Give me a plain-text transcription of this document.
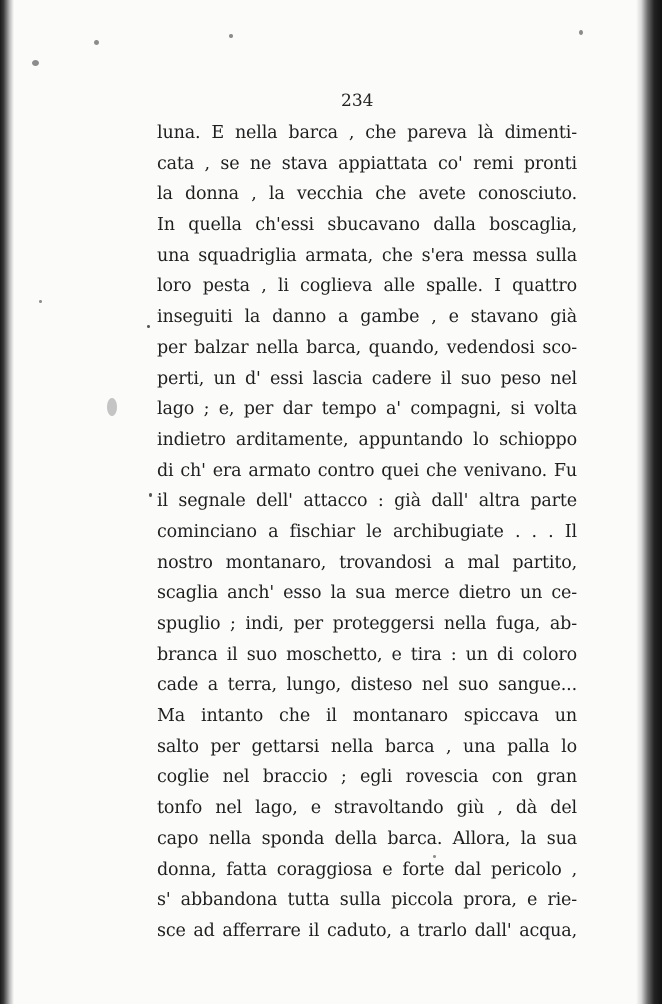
234
luna. E nella barca , che pareva là dimenti-
cata , se ne stava appiattata co' remi pronti
la donna , la vecchia che avete conosciuto.
In quella ch'essi sbucavano dalla boscaglia,
una squadriglia armata, che s'era messa sulla
loro pesta , li coglieva alle spalle. I quattro
inseguiti la danno a gambe , e stavano già
per balzar nella barca, quando, vedendosi sco-
perti, un d' essi lascia cadere il suo peso nel
lago ; e, per dar tempo a' compagni, si volta
indietro arditamente, appuntando lo schioppo
di ch' era armato contro quei che venivano. Fu
il segnale dell' attacco : già dall' altra parte
cominciano a fischiar le archibugiate . . . Il
nostro montanaro, trovandosi a mal partito,
scaglia anch' esso la sua merce dietro un ce-
spuglio ; indi, per proteggersi nella fuga, ab-
branca il suo moschetto, e tira : un di coloro
cade a terra, lungo, disteso nel suo sangue...
Ma intanto che il montanaro spiccava un
salto per gettarsi nella barca , una palla lo
coglie nel braccio ; egli rovescia con gran
tonfo nel lago, e stravoltando giù , dà del
capo nella sponda della barca. Allora, la sua
donna, fatta coraggiosa e forte dal pericolo ,
s' abbandona tutta sulla piccola prora, e rie-
sce ad afferrare il caduto, a trarlo dall' acqua,
